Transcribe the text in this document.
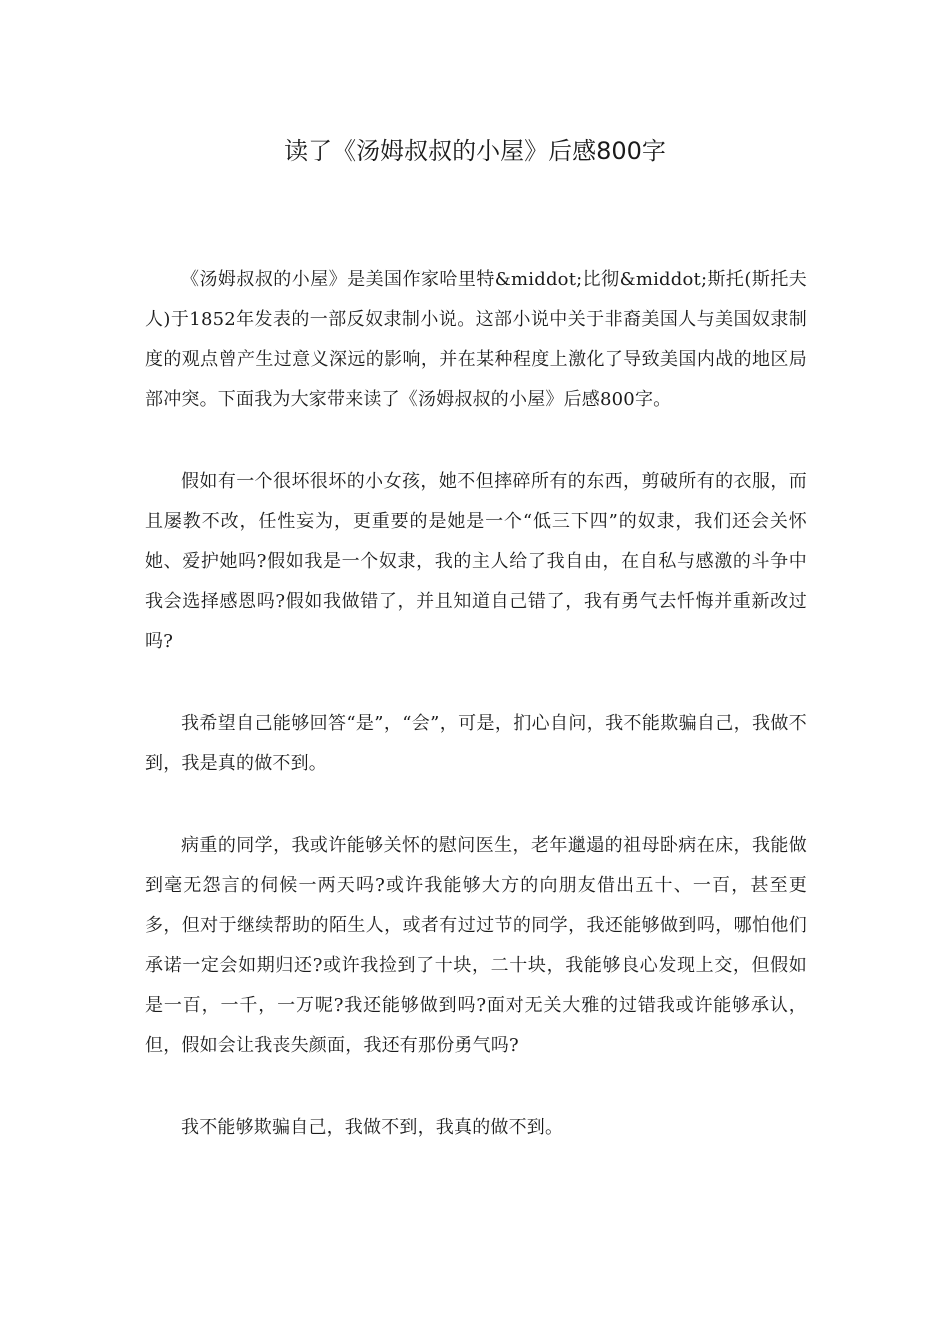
读了《汤姆叔叔的小屋》后感800字

《汤姆叔叔的小屋》是美国作家哈里特&middot;比彻&middot;斯托(斯托夫人)于1852年发表的一部反奴隶制小说。这部小说中关于非裔美国人与美国奴隶制度的观点曾产生过意义深远的影响，并在某种程度上激化了导致美国内战的地区局部冲突。下面我为大家带来读了《汤姆叔叔的小屋》后感800字。

假如有一个很坏很坏的小女孩，她不但摔碎所有的东西，剪破所有的衣服，而且屡教不改，任性妄为，更重要的是她是一个“低三下四”的奴隶，我们还会关怀她、爱护她吗?假如我是一个奴隶，我的主人给了我自由，在自私与感激的斗争中我会选择感恩吗?假如我做错了，并且知道自己错了，我有勇气去忏悔并重新改过吗?

我希望自己能够回答“是”，“会”，可是，扪心自问，我不能欺骗自己，我做不到，我是真的做不到。

病重的同学，我或许能够关怀的慰问医生，老年邋遢的祖母卧病在床，我能做到毫无怨言的伺候一两天吗?或许我能够大方的向朋友借出五十、一百，甚至更多，但对于继续帮助的陌生人，或者有过过节的同学，我还能够做到吗，哪怕他们承诺一定会如期归还?或许我捡到了十块，二十块，我能够良心发现上交，但假如是一百，一千，一万呢?我还能够做到吗?面对无关大雅的过错我或许能够承认，但，假如会让我丧失颜面，我还有那份勇气吗?

我不能够欺骗自己，我做不到，我真的做不到。
